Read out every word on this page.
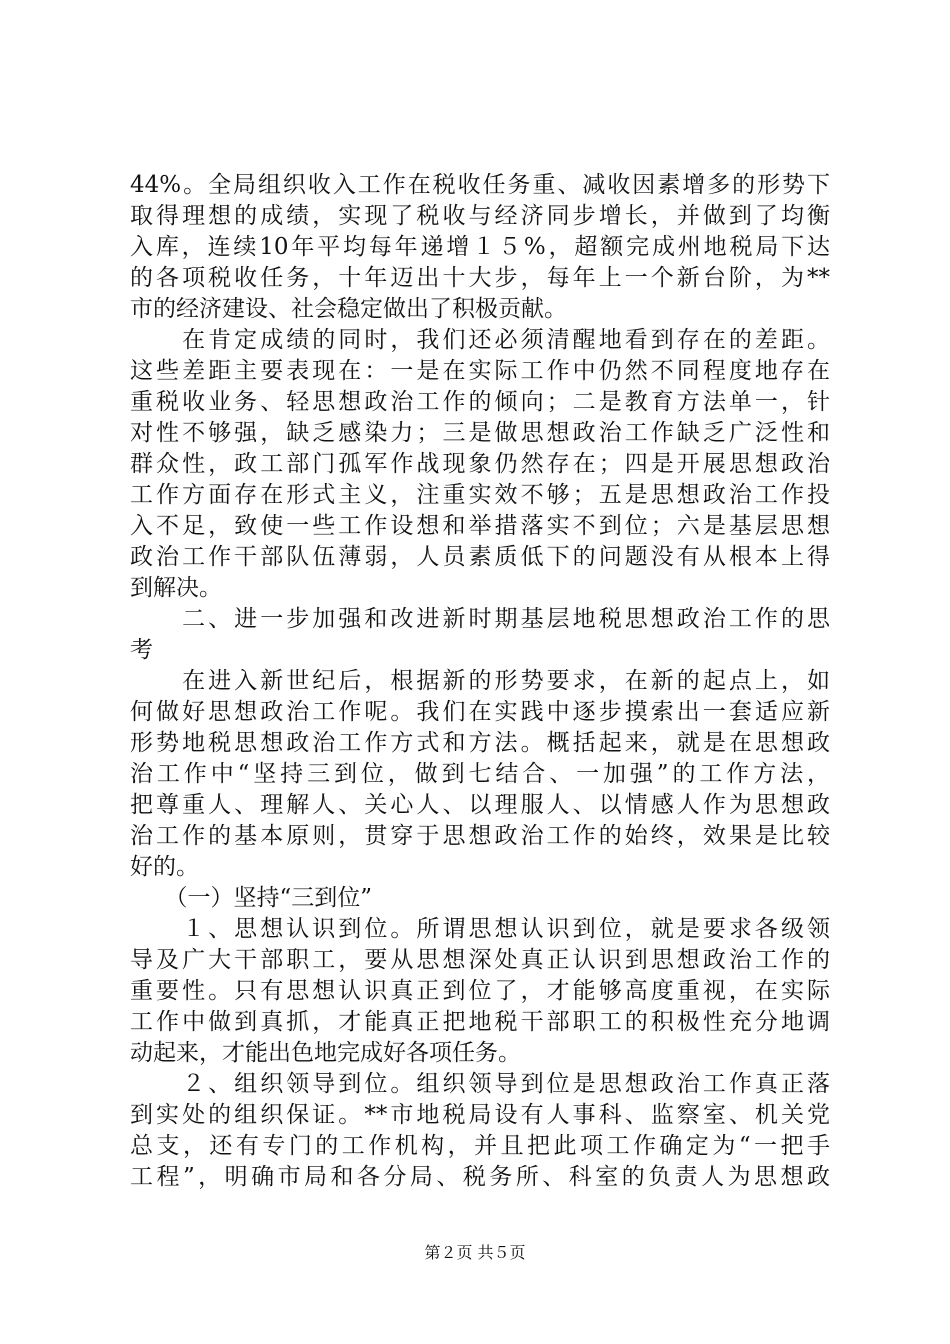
44%。全局组织收入工作在税收任务重、减收因素增多的形势下
取得理想的成绩，实现了税收与经济同步增长，并做到了均衡
入库，连续10年平均每年递增１５%，超额完成州地税局下达
的各项税收任务，十年迈出十大步，每年上一个新台阶，为**
市的经济建设、社会稳定做出了积极贡献。
　　在肯定成绩的同时，我们还必须清醒地看到存在的差距。
这些差距主要表现在：一是在实际工作中仍然不同程度地存在
重税收业务、轻思想政治工作的倾向；二是教育方法单一，针
对性不够强，缺乏感染力；三是做思想政治工作缺乏广泛性和
群众性，政工部门孤军作战现象仍然存在；四是开展思想政治
工作方面存在形式主义，注重实效不够；五是思想政治工作投
入不足，致使一些工作设想和举措落实不到位；六是基层思想
政治工作干部队伍薄弱，人员素质低下的问题没有从根本上得
到解决。
　　二、进一步加强和改进新时期基层地税思想政治工作的思
考
　　在进入新世纪后，根据新的形势要求，在新的起点上，如
何做好思想政治工作呢。我们在实践中逐步摸索出一套适应新
形势地税思想政治工作方式和方法。概括起来，就是在思想政
治工作中“坚持三到位，做到七结合、一加强”的工作方法，
把尊重人、理解人、关心人、以理服人、以情感人作为思想政
治工作的基本原则，贯穿于思想政治工作的始终，效果是比较
好的。
　　（一）坚持“三到位”
　　１、思想认识到位。所谓思想认识到位，就是要求各级领
导及广大干部职工，要从思想深处真正认识到思想政治工作的
重要性。只有思想认识真正到位了，才能够高度重视，在实际
工作中做到真抓，才能真正把地税干部职工的积极性充分地调
动起来，才能出色地完成好各项任务。
　　２、组织领导到位。组织领导到位是思想政治工作真正落
到实处的组织保证。**市地税局设有人事科、监察室、机关党
总支，还有专门的工作机构，并且把此项工作确定为“一把手
工程”，明确市局和各分局、税务所、科室的负责人为思想政
第２页 共５页
